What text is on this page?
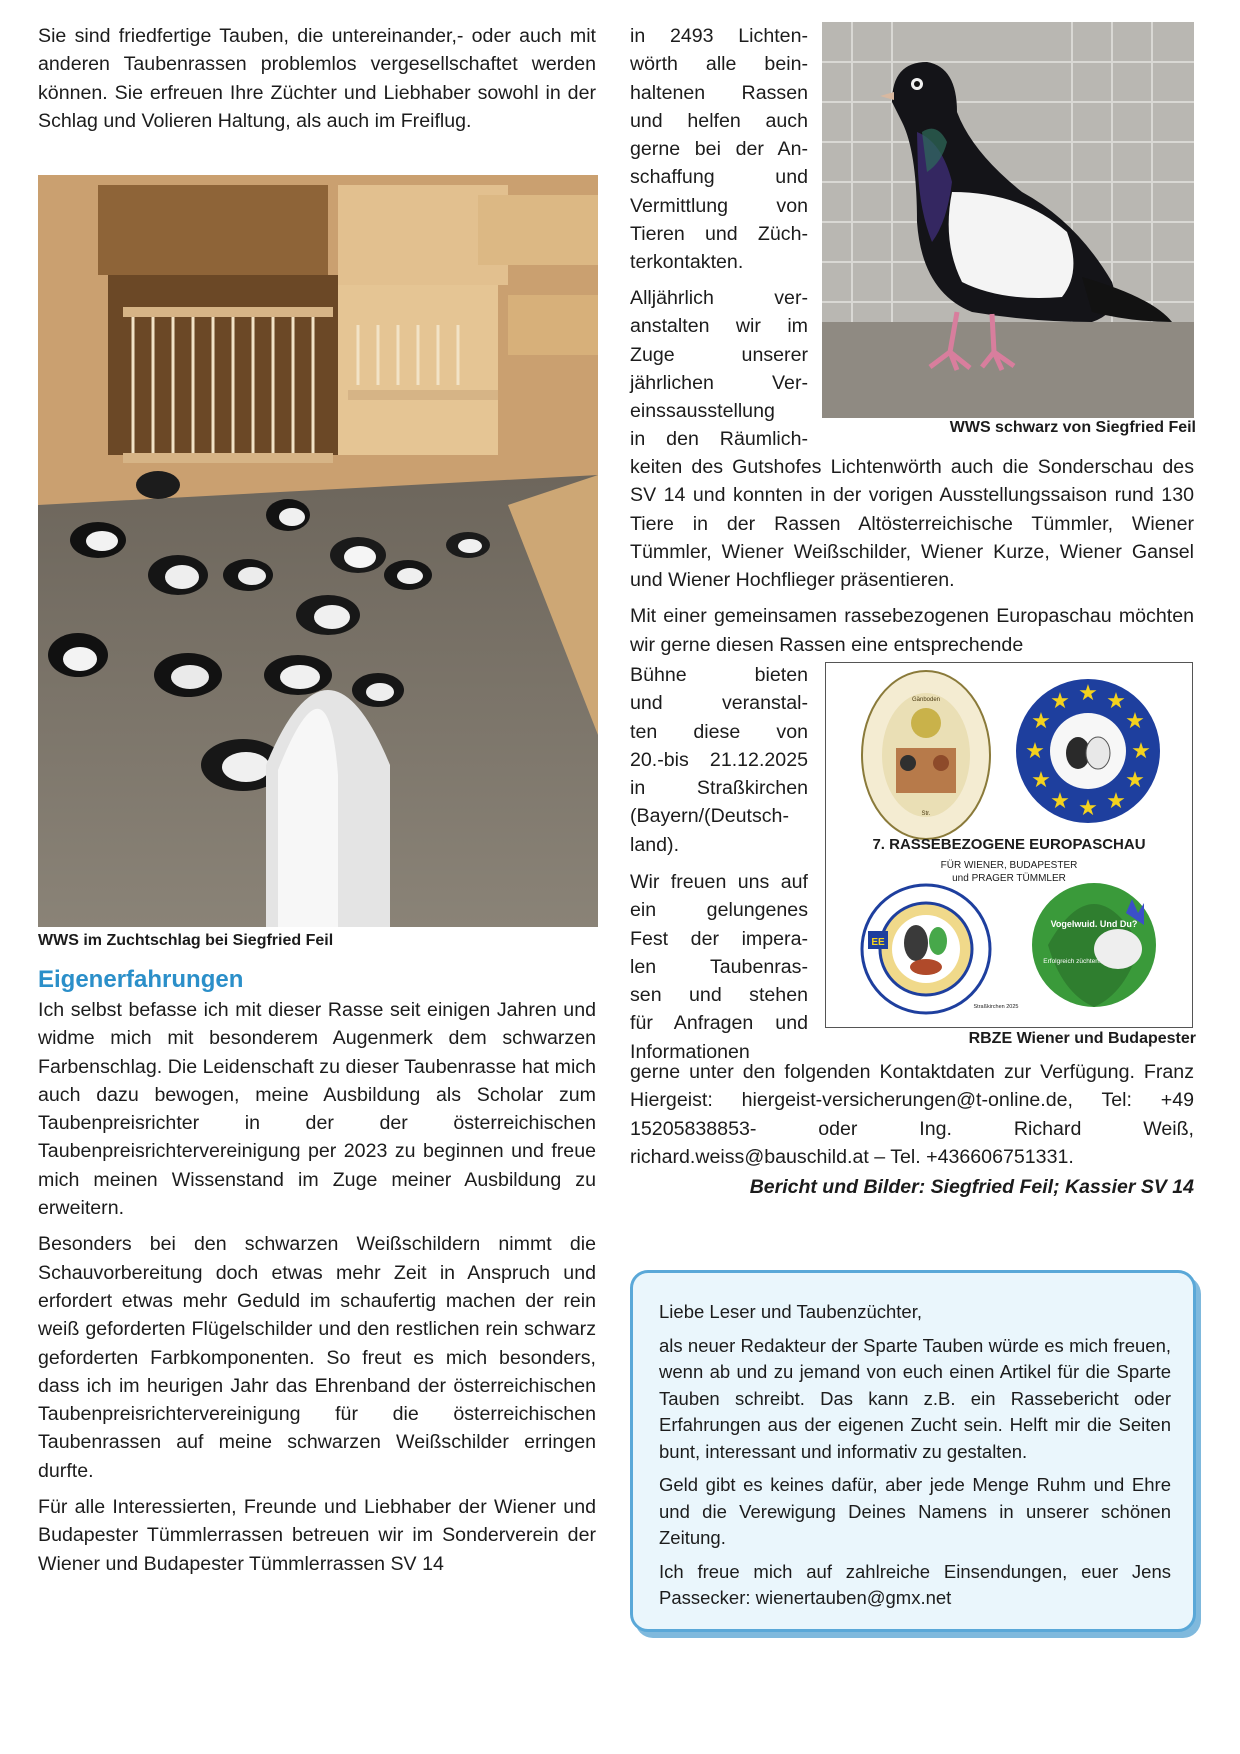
Sie sind friedfertige Tauben, die untereinander,- oder auch mit anderen Taubenrassen problemlos vergesellschaftet werden können. Sie erfreuen Ihre Züchter und Liebhaber sowohl in der Schlag und Volieren Haltung, als auch im Freiflug.

WWS im Zuchtschlag bei Siegfried Feil
Eigenerfahrungen

Ich selbst befasse ich mit dieser Rasse seit einigen Jahren und widme mich mit besonderem Augenmerk dem schwarzen Farbenschlag. Die Leidenschaft zu dieser Taubenrasse hat mich auch dazu bewogen, meine Ausbildung als Scholar zum Taubenpreisrichter in der der österreichischen Taubenpreisrichtervereinigung per 2023 zu beginnen und freue mich meinen Wissenstand im Zuge meiner Ausbildung zu erweitern.

Besonders bei den schwarzen Weißschildern nimmt die Schauvorbereitung doch etwas mehr Zeit in Anspruch und erfordert etwas mehr Geduld im schaufertig machen der rein weiß geforderten Flügelschilder und den restlichen rein schwarz geforderten Farbkomponenten. So freut es mich besonders, dass ich im heurigen Jahr das Ehrenband der österreichischen Taubenpreisrichtervereinigung für die österreichischen Taubenrassen auf meine schwarzen Weißschilder erringen durfte.

Für alle Interessierten, Freunde und Liebhaber der Wiener und Budapester Tümmlerrassen betreuen wir im Sonderverein der Wiener und Budapester Tümmlerrassen SV 14

in 2493 Lichten-

wörth alle bein-

haltenen Rassen

und helfen auch

gerne bei der An-

schaffung und

Vermittlung von

Tieren und Züch-

terkontakten.

Alljährlich ver-

anstalten wir im

Zuge unserer

jährlichen Ver-

einssausstellung

in den Räumlich-

WWS schwarz von Siegfried Feil

keiten des Gutshofes Lichtenwörth auch die Sonderschau des SV 14 und konnten in der vorigen Ausstellungssaison rund 130 Tiere in der Rassen Altösterreichische Tümmler, Wiener Tümmler, Wiener Weißschilder, Wiener Kurze, Wiener Gansel und Wiener Hochflieger präsentieren.

Mit einer gemeinsamen rassebezogenen Europaschau möchten wir gerne diesen Rassen eine entsprechende

Bühne bieten

und veranstal-

ten diese von

20.-bis 21.12.2025

in Straßkirchen

(Bayern/(Deutsch-

land).

Wir freuen uns auf

ein gelungenes

Fest der impera-

len Taubenras-

sen und stehen

für Anfragen und

Informationen

Gänboden
Str.
★ ★
★
★
★
★
★
★
★
★
★
★
7. RASSEBEZOGENE EUROPASCHAU
FÜR WIENER, BUDAPESTER
und PRAGER TÜMMLER
EE
Vogelwuid. Und Du?
Erfolgreich züchten.
Straßkirchen 2025
RBZE Wiener und Budapester

gerne unter den folgenden Kontaktdaten zur Verfügung. Franz Hiergeist: hiergeist-versicherungen@t-online.de, Tel: +49 15205838853- oder Ing. Richard Weiß, richard.weiss@bauschild.at – Tel. +436606751331.

Bericht und Bilder: Siegfried Feil; Kassier SV 14

Liebe Leser und Taubenzüchter,

als neuer Redakteur der Sparte Tauben würde es mich freuen, wenn ab und zu jemand von euch einen Artikel für die Sparte Tauben schreibt. Das kann z.B. ein Rassebericht oder Erfahrungen aus der eigenen Zucht sein. Helft mir die Seiten bunt, interessant und informativ zu gestalten.

Geld gibt es keines dafür, aber jede Menge Ruhm und Ehre und die Verewigung Deines Namens in unserer schönen Zeitung.

Ich freue mich auf zahlreiche Einsendungen, euer Jens Passecker: wienertauben@gmx.net
